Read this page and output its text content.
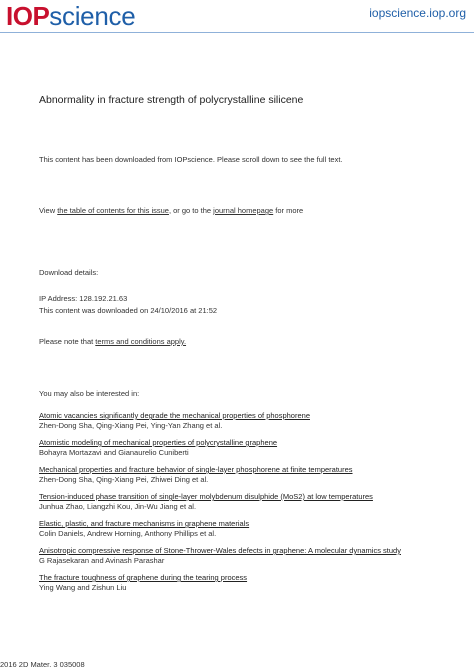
IOP science	iopscience.iop.org
Abnormality in fracture strength of polycrystalline silicene
This content has been downloaded from IOPscience. Please scroll down to see the full text.
View the table of contents for this issue, or go to the journal homepage for more
Download details:
IP Address: 128.192.21.63
This content was downloaded on 24/10/2016 at 21:52
Please note that terms and conditions apply.
You may also be interested in:
Atomic vacancies significantly degrade the mechanical properties of phosphorene
Zhen-Dong Sha, Qing-Xiang Pei, Ying-Yan Zhang et al.
Atomistic modeling of mechanical properties of polycrystalline graphene
Bohayra Mortazavi and Gianaurelio Cuniberti
Mechanical properties and fracture behavior of single-layer phosphorene at finite temperatures
Zhen-Dong Sha, Qing-Xiang Pei, Zhiwei Ding et al.
Tension-induced phase transition of single-layer molybdenum disulphide (MoS2) at low temperatures
Junhua Zhao, Liangzhi Kou, Jin-Wu Jiang et al.
Elastic, plastic, and fracture mechanisms in graphene materials
Colin Daniels, Andrew Horning, Anthony Phillips et al.
Anisotropic compressive response of Stone-Thrower-Wales defects in graphene: A molecular dynamics study
G Rajasekaran and Avinash Parashar
The fracture toughness of graphene during the tearing process
Ying Wang and Zishun Liu
2016 2D Mater. 3 035008
